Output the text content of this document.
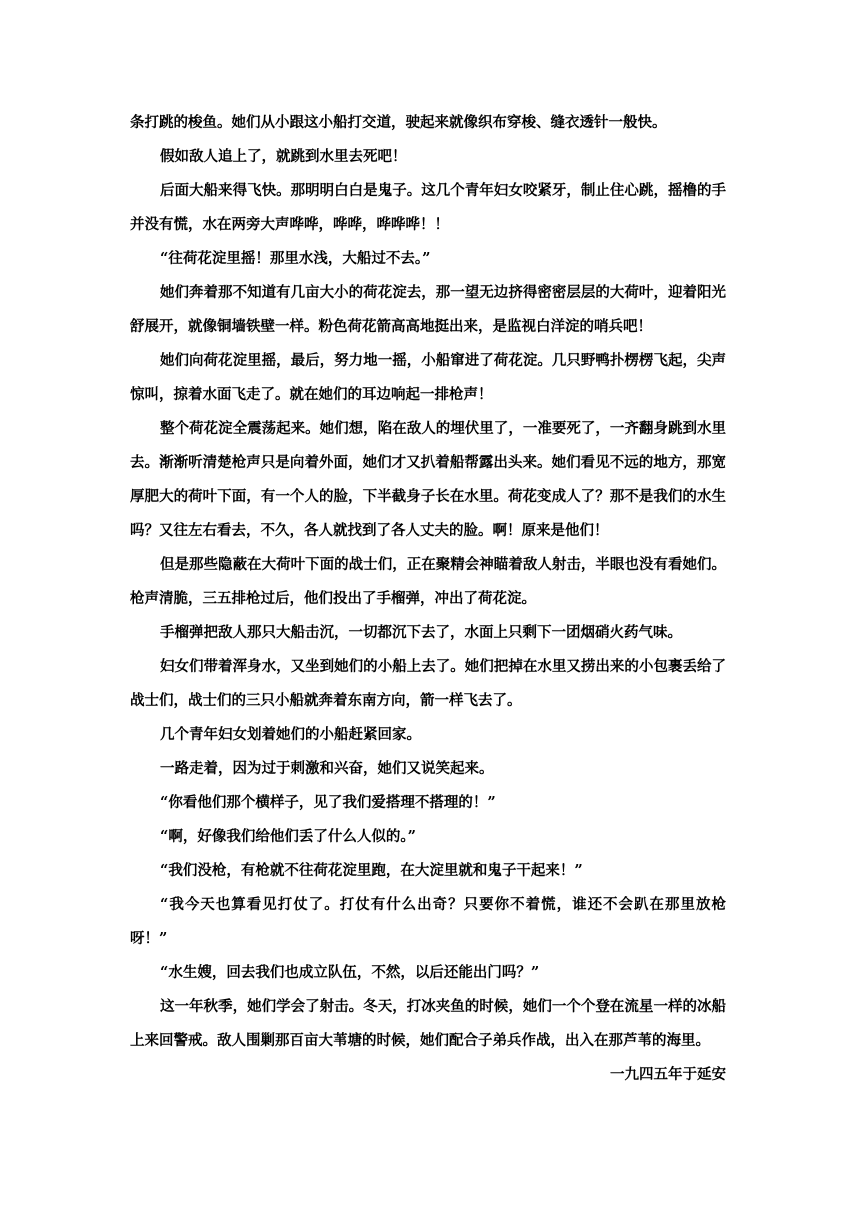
条打跳的梭鱼。她们从小跟这小船打交道，驶起来就像织布穿梭、缝衣透针一般快。

假如敌人追上了，就跳到水里去死吧！

后面大船来得飞快。那明明白白是鬼子。这几个青年妇女咬紧牙，制止住心跳，摇橹的手并没有慌，水在两旁大声哗哗，哗哗，哗哗哗！！

“往荷花淀里摇！那里水浅，大船过不去。”

她们奔着那不知道有几亩大小的荷花淀去，那一望无边挤得密密层层的大荷叶，迎着阳光舒展开，就像铜墙铁壁一样。粉色荷花箭高高地挺出来，是监视白洋淀的哨兵吧！

她们向荷花淀里摇，最后，努力地一摇，小船窜进了荷花淀。几只野鸭扑楞楞飞起，尖声惊叫，掠着水面飞走了。就在她们的耳边响起一排枪声！

整个荷花淀全震荡起来。她们想，陷在敌人的埋伏里了，一准要死了，一齐翻身跳到水里去。渐渐听清楚枪声只是向着外面，她们才又扒着船帮露出头来。她们看见不远的地方，那宽厚肥大的荷叶下面，有一个人的脸，下半截身子长在水里。荷花变成人了？那不是我们的水生吗？又往左右看去，不久，各人就找到了各人丈夫的脸。啊！原来是他们！

但是那些隐蔽在大荷叶下面的战士们，正在聚精会神瞄着敌人射击，半眼也没有看她们。枪声清脆，三五排枪过后，他们投出了手榴弹，冲出了荷花淀。

手榴弹把敌人那只大船击沉，一切都沉下去了，水面上只剩下一团烟硝火药气味。

妇女们带着浑身水，又坐到她们的小船上去了。她们把掉在水里又捞出来的小包裹丢给了战士们，战士们的三只小船就奔着东南方向，箭一样飞去了。

几个青年妇女划着她们的小船赶紧回家。

一路走着，因为过于刺激和兴奋，她们又说笑起来。

“你看他们那个横样子，见了我们爱搭理不搭理的！”

“啊，好像我们给他们丢了什么人似的。”

“我们没枪，有枪就不往荷花淀里跑，在大淀里就和鬼子干起来！”

“我今天也算看见打仗了。打仗有什么出奇？只要你不着慌，谁还不会趴在那里放枪呀！”

“水生嫂，回去我们也成立队伍，不然，以后还能出门吗？”

这一年秋季，她们学会了射击。冬天，打冰夹鱼的时候，她们一个个登在流星一样的冰船上来回警戒。敌人围剿那百亩大苇塘的时候，她们配合子弟兵作战，出入在那芦苇的海里。

一九四五年于延安
